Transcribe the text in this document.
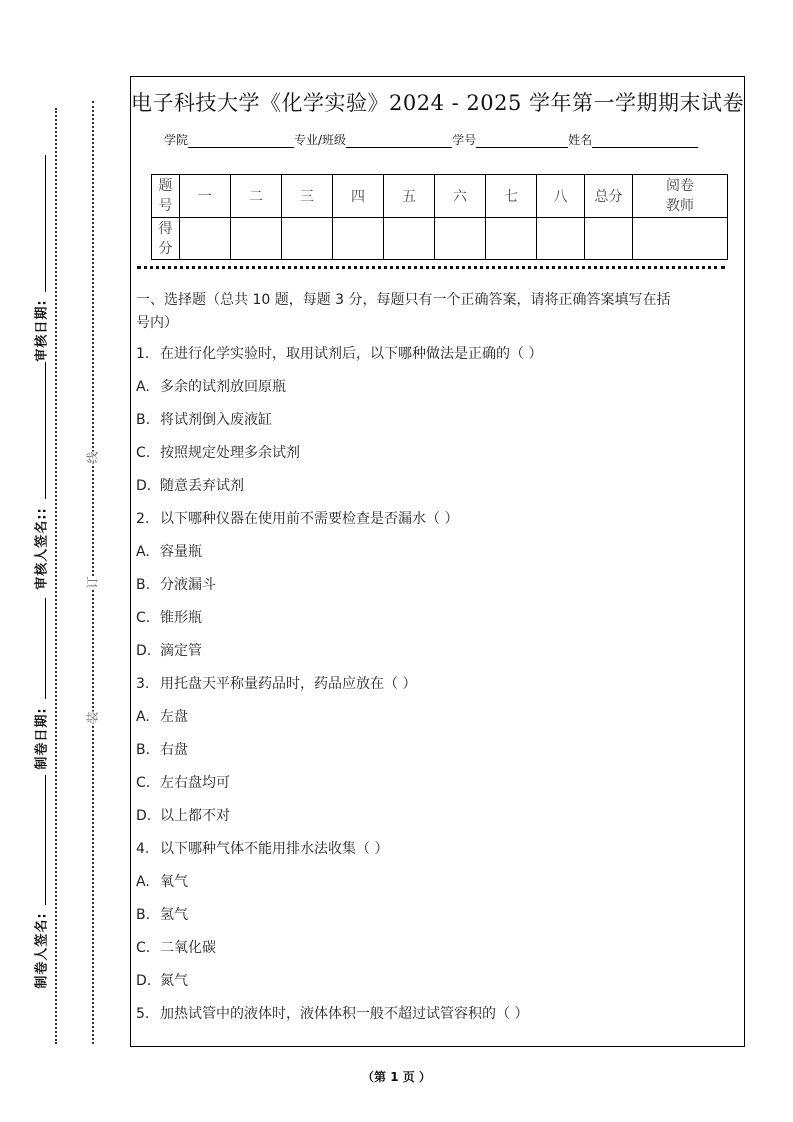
审核日期:
审核人签名::
制卷日期:
制卷人签名:
线
订
装
电子科技大学《化学实验》2024 - 2025 学年第一学期期末试卷
学院	专业/班级	学号	姓名
题号	一	二	三	四	五	六	七	八	总分	阅卷教师
得分										
一、选择题（总共 10 题，每题 3 分，每题只有一个正确答案，请将正确答案填写在括
号内）
1. 在进行化学实验时，取用试剂后，以下哪种做法是正确的（ ）
A. 多余的试剂放回原瓶
B. 将试剂倒入废液缸
C. 按照规定处理多余试剂
D. 随意丢弃试剂
2. 以下哪种仪器在使用前不需要检查是否漏水（ ）
A. 容量瓶
B. 分液漏斗
C. 锥形瓶
D. 滴定管
3. 用托盘天平称量药品时，药品应放在（ ）
A. 左盘
B. 右盘
C. 左右盘均可
D. 以上都不对
4. 以下哪种气体不能用排水法收集（ ）
A. 氧气
B. 氢气
C. 二氧化碳
D. 氮气
5. 加热试管中的液体时，液体体积一般不超过试管容积的（ ）
（第 1 页 ）
